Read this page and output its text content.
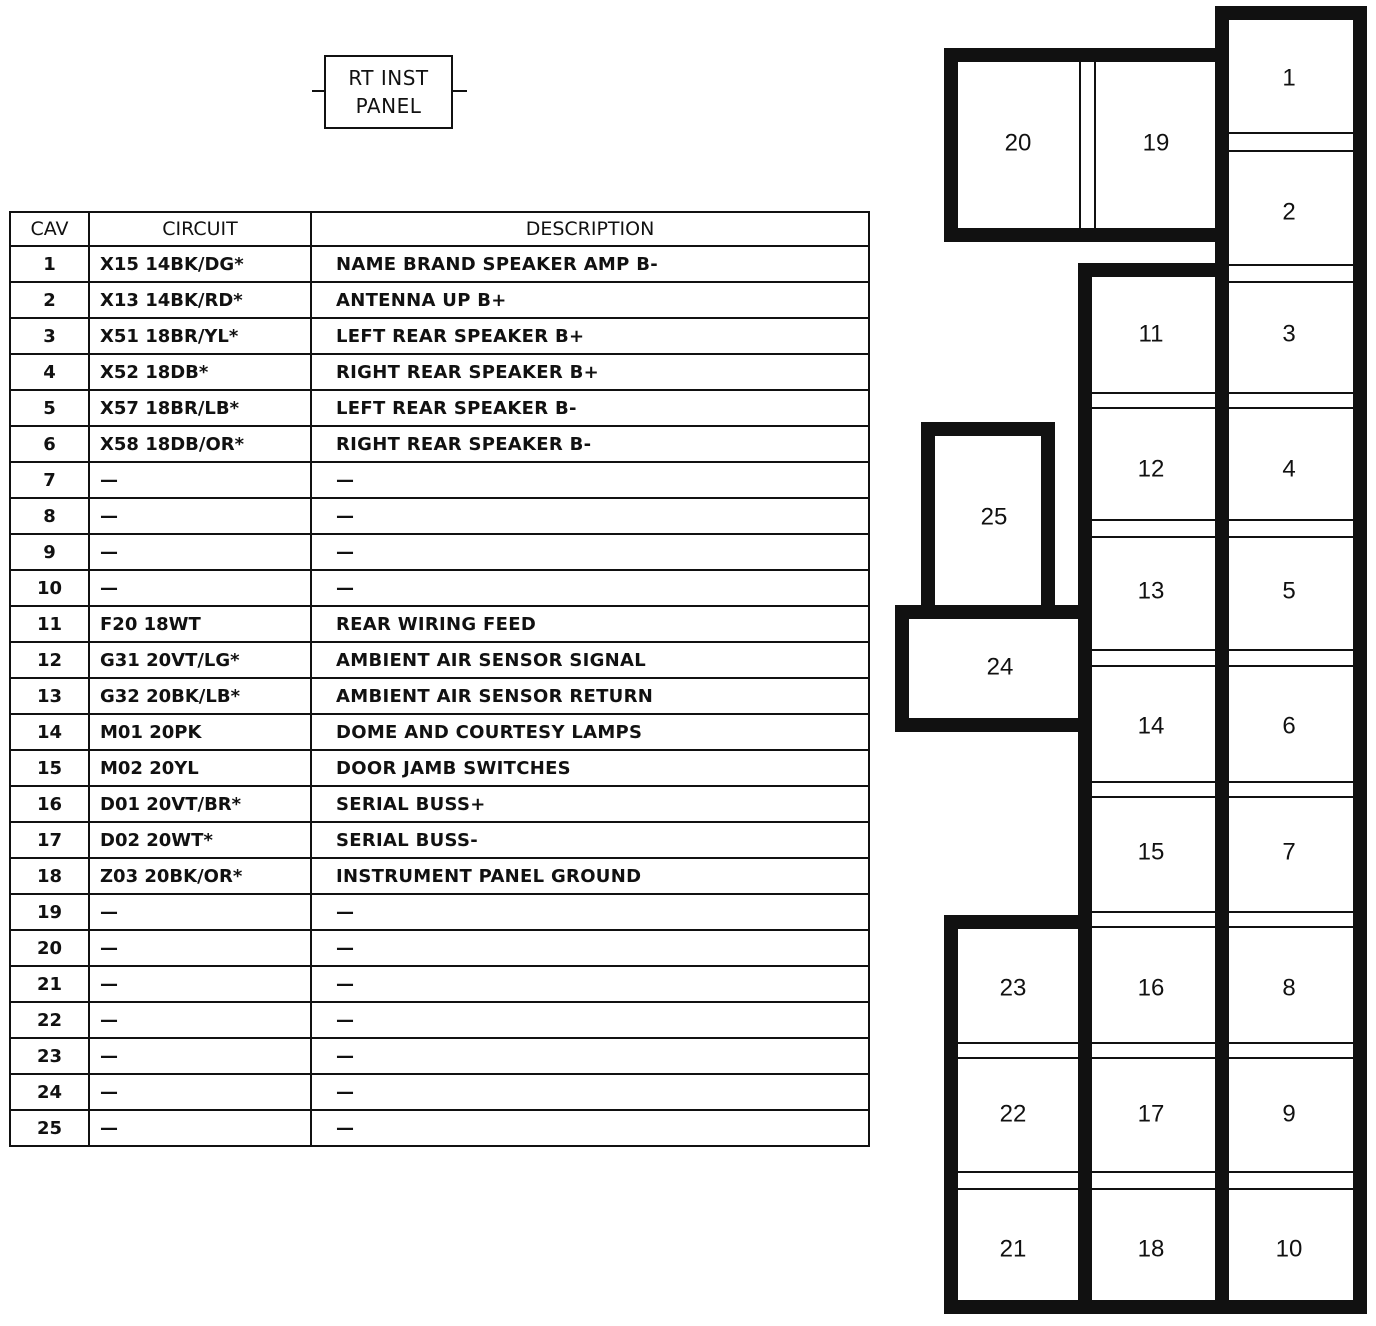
RT INST
PANEL
CAV	CIRCUIT	DESCRIPTION
1	X15 14BK/DG*	NAME BRAND SPEAKER AMP B-
2	X13 14BK/RD*	ANTENNA UP B+
3	X51 18BR/YL*	LEFT REAR SPEAKER B+
4	X52 18DB*	RIGHT REAR SPEAKER B+
5	X57 18BR/LB*	LEFT REAR SPEAKER B-
6	X58 18DB/OR*	RIGHT REAR SPEAKER B-
7	—	—
8	—	—
9	—	—
10	—	—
11	F20 18WT	REAR WIRING FEED
12	G31 20VT/LG*	AMBIENT AIR SENSOR SIGNAL
13	G32 20BK/LB*	AMBIENT AIR SENSOR RETURN
14	M01 20PK	DOME AND COURTESY LAMPS
15	M02 20YL	DOOR JAMB SWITCHES
16	D01 20VT/BR*	SERIAL BUSS+
17	D02 20WT*	SERIAL BUSS-
18	Z03 20BK/OR*	INSTRUMENT PANEL GROUND
19	—	—
20	—	—
21	—	—
22	—	—
23	—	—
24	—	—
25	—	—
1
2
3
4
5
6
7
8
9
10
11
12
13
14
15
16
17
18
19
20
21
22
23
24
25
